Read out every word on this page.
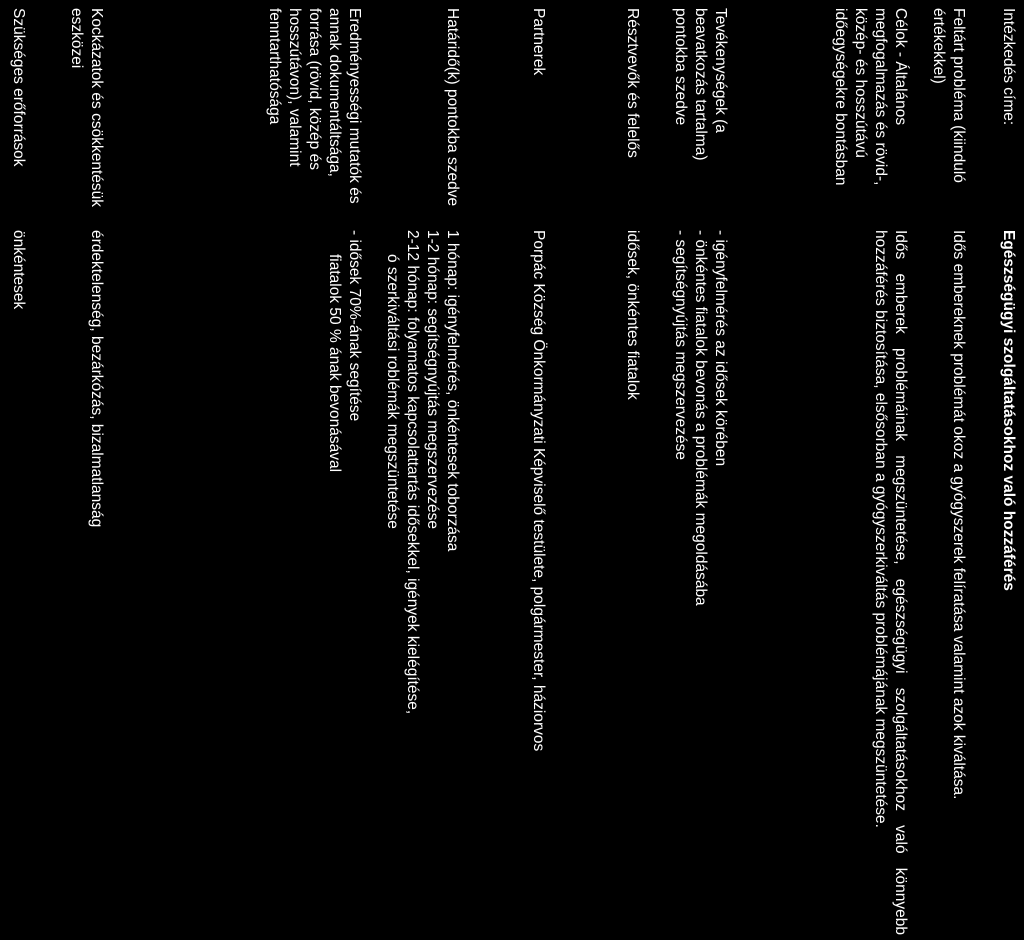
Intézkedés címe:
Egészségügyi szolgáltatásokhoz való hozzáférés
Feltárt probléma (kiinduló értékekkel)
Idős embereknek problémát okoz a gyógyszerek felíratása valamint azok kiváltása.
Célok - Általános megfogalmazás és rövid-, közép- és hosszútávú időegységekre bontásban
Idős emberek problémáinak megszüntetése, egészségügyi szolgáltatásokhoz való könnyebb hozzáférés biztosítása, elsősorban a gyógyszerkiváltás problémájának megszüntetése.
Tevékenységek (a beavatkozás tartalma) pontokba szedve
- igényfelmérés az idősek körében
- önkéntes fiatalok bevonás a problémák megoldásába
- segítségnyújtás megszervezése
Résztvevők és felelős
idősek, önkéntes fiatalok
Partnerek
Porpác Község Önkormányzati Képviselő testülete, polgármester, háziorvos
Határidő(k) pontokba szedve
1 hónap: igényfelmérés, önkéntesek toborzása
1-2 hónap: segítségnyújtás megszervezése
2-12 hónap: folyamatos kapcsolattartás idősekkel, igények kielégítése,
ó szerkiváltási roblémák megszüntetése
Eredményességi mutatók és annak dokumentáltsága, forrása (rövid, közép és hosszútávon), valamint fenntarthatósága
- idősek 70%-ának segítése
fiatalok 50 % ának bevonásával
Kockázatok és csökkentésük eszközei
érdektelenség, bezárkózás, bizalmatlanság
Szükséges erőforrások
önkéntesek
